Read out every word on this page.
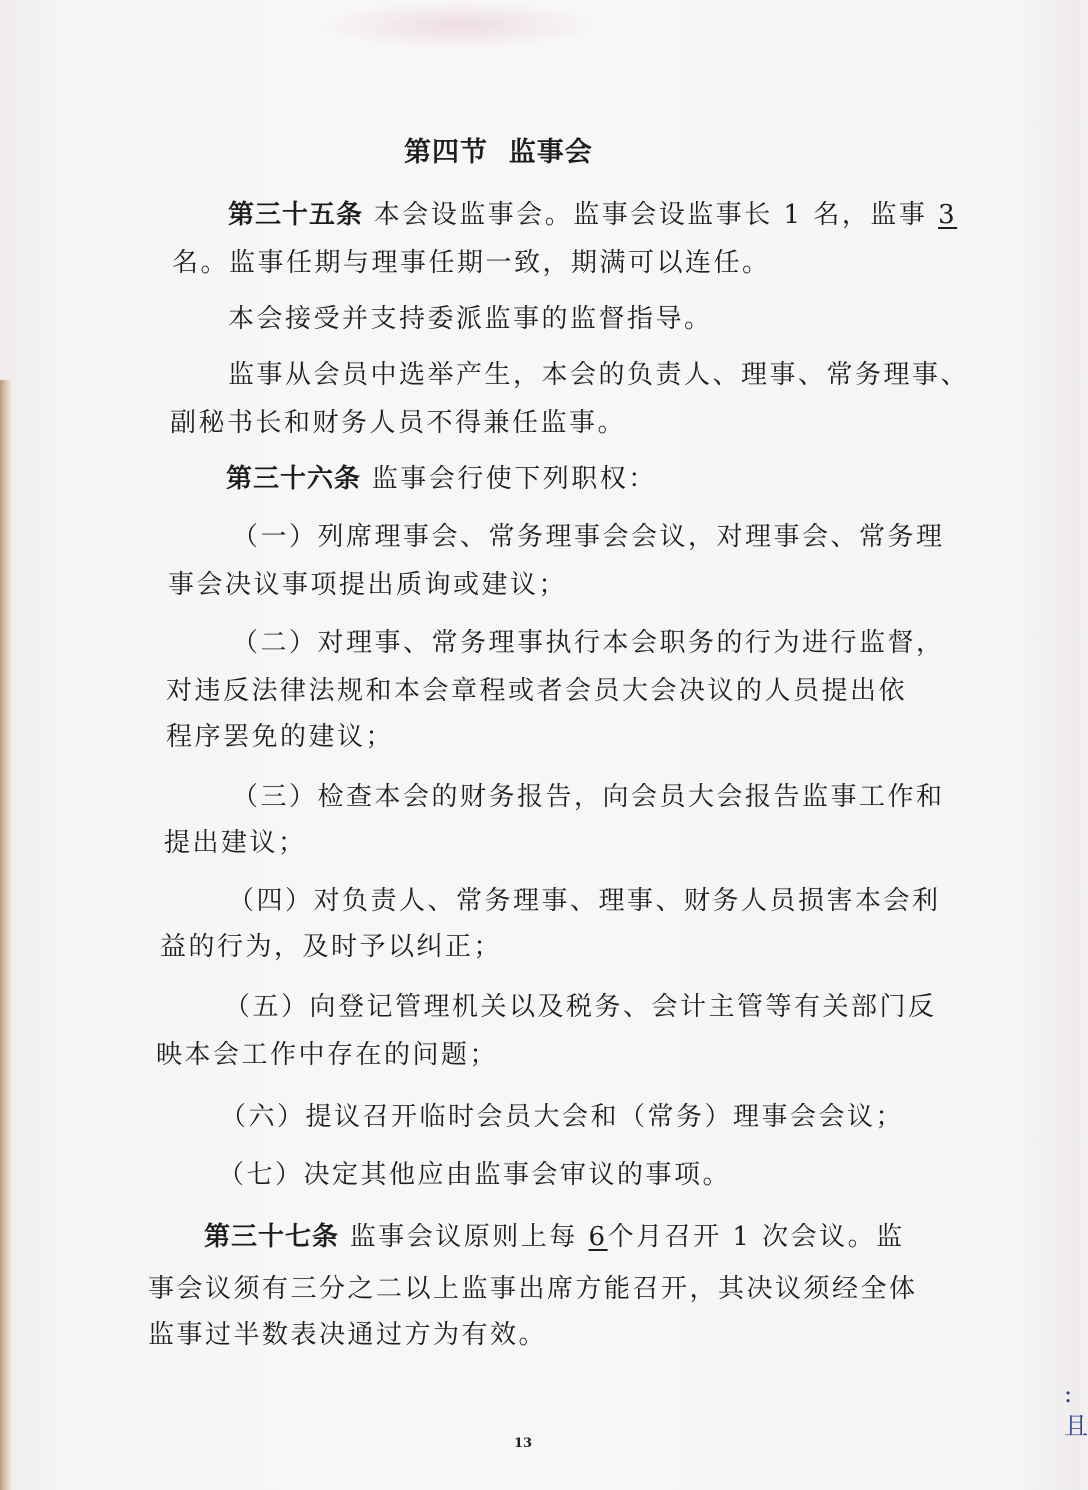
第四节  监事会
第三十五条 本会设监事会。监事会设监事长 1 名，监事 3
名。监事任期与理事任期一致，期满可以连任。
本会接受并支持委派监事的监督指导。
监事从会员中选举产生，本会的负责人、理事、常务理事、
副秘书长和财务人员不得兼任监事。
第三十六条 监事会行使下列职权：
（一）列席理事会、常务理事会会议，对理事会、常务理
事会决议事项提出质询或建议；
（二）对理事、常务理事执行本会职务的行为进行监督，
对违反法律法规和本会章程或者会员大会决议的人员提出依
程序罢免的建议；
（三）检查本会的财务报告，向会员大会报告监事工作和
提出建议；
（四）对负责人、常务理事、理事、财务人员损害本会利
益的行为，及时予以纠正；
（五）向登记管理机关以及税务、会计主管等有关部门反
映本会工作中存在的问题；
（六）提议召开临时会员大会和（常务）理事会会议；
（七）决定其他应由监事会审议的事项。
第三十七条 监事会议原则上每 6个月召开 1 次会议。监
事会议须有三分之二以上监事出席方能召开，其决议须经全体
监事过半数表决通过方为有效。
13
:
且
